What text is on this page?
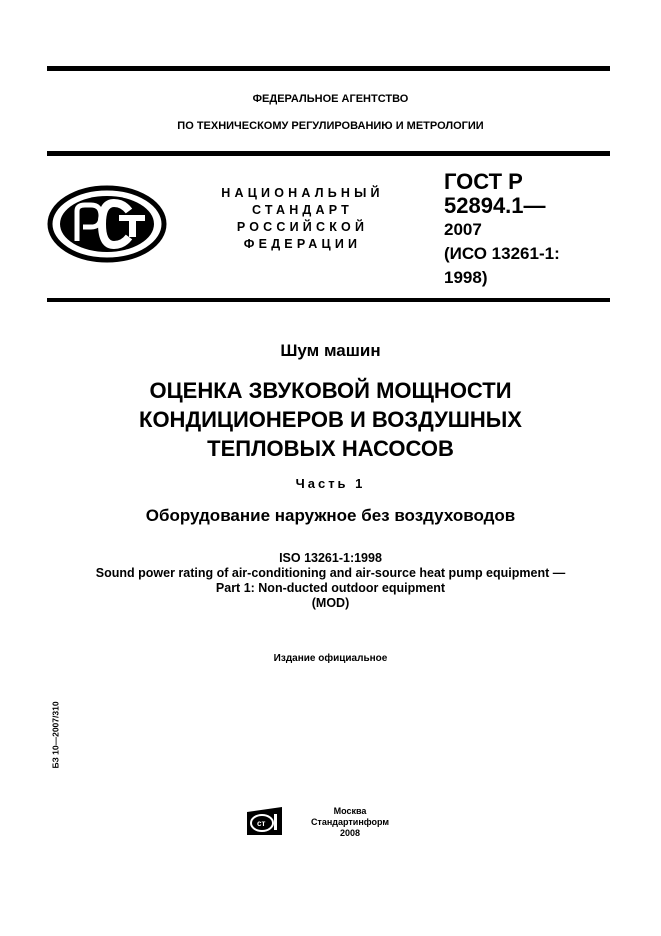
ФЕДЕРАЛЬНОЕ АГЕНТСТВО
ПО ТЕХНИЧЕСКОМУ РЕГУЛИРОВАНИЮ И МЕТРОЛОГИИ
НАЦИОНАЛЬНЫЙ
СТАНДАРТ
РОССИЙСКОЙ
ФЕДЕРАЦИИ
ГОСТ Р
52894.1—
2007
(ИСО 13261-1:
1998)
Шум машин
ОЦЕНКА ЗВУКОВОЙ МОЩНОСТИ
КОНДИЦИОНЕРОВ И ВОЗДУШНЫХ
ТЕПЛОВЫХ НАСОСОВ
Часть 1
Оборудование наружное без воздуховодов
ISO 13261-1:1998
Sound power rating of air-conditioning and air-source heat pump equipment —
Part 1: Non-ducted outdoor equipment
(MOD)
Издание официальное
БЗ 10—2007/310
ст
Москва
Стандартинформ
2008
